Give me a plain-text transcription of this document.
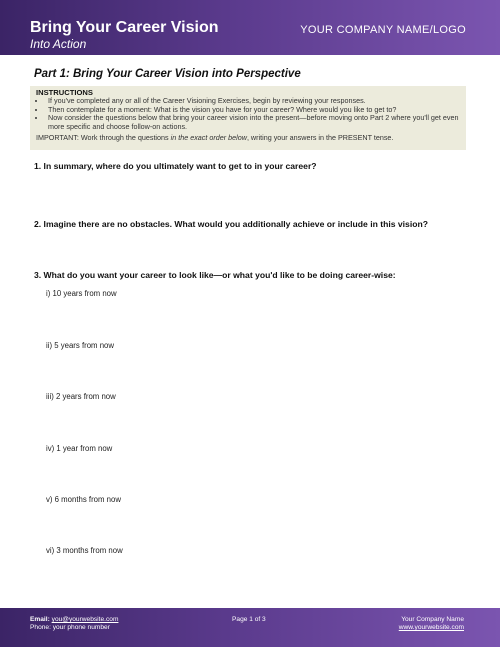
Bring Your Career Vision
Into Action
YOUR COMPANY NAME/LOGO
Part 1: Bring Your Career Vision into Perspective
INSTRUCTIONS
• If you've completed any or all of the Career Visioning Exercises, begin by reviewing your responses.
• Then contemplate for a moment: What is the vision you have for your career? Where would you like to get to?
• Now consider the questions below that bring your career vision into the present—before moving onto Part 2 where you'll get even more specific and choose follow-on actions.
IMPORTANT: Work through the questions in the exact order below, writing your answers in the PRESENT tense.
1. In summary, where do you ultimately want to get to in your career?
2. Imagine there are no obstacles. What would you additionally achieve or include in this vision?
3. What do you want your career to look like—or what you'd like to be doing career-wise:
i) 10 years from now
ii) 5 years from now
iii) 2 years from now
iv) 1 year from now
v) 6 months from now
vi) 3 months from now
Email: you@yourwebsite.com
Phone: your phone number
Page 1 of 3	Your Company Name
www.yourwebsite.com
